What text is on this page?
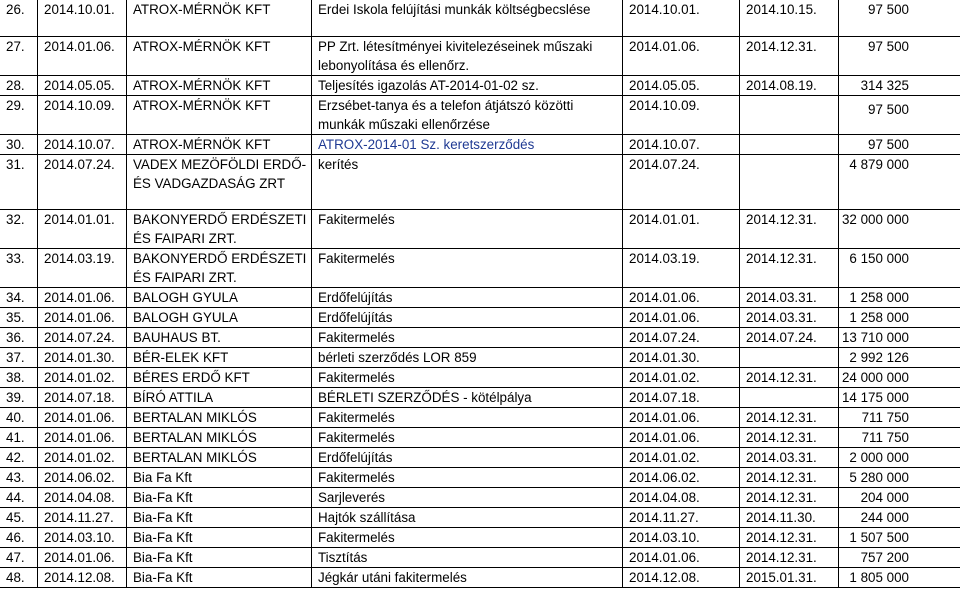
26.	2014.10.01.	ATROX-MÉRNÖK KFT	Erdei Iskola felújítási munkák költségbecslése	2014.10.01.	2014.10.15.	97 500
27.	2014.01.06.	ATROX-MÉRNÖK KFT	PP Zrt. létesítményei kivitelezéseinek műszaki lebonyolítása és ellenőrz.	2014.01.06.	2014.12.31.	97 500
28.	2014.05.05.	ATROX-MÉRNÖK KFT	Teljesítés igazolás AT-2014-01-02 sz.	2014.05.05.	2014.08.19.	314 325
29.	2014.10.09.	ATROX-MÉRNÖK KFT	Erzsébet-tanya és a telefon átjátszó közötti munkák műszaki ellenőrzése	2014.10.09.		97 500
30.	2014.10.07.	ATROX-MÉRNÖK KFT	ATROX-2014-01 Sz. keretszerződés	2014.10.07.		97 500
31.	2014.07.24.	VADEX MEZÖFÖLDI ERDŐ- ÉS VADGAZDASÁG ZRT	kerítés	2014.07.24.		4 879 000
32.	2014.01.01.	BAKONYERDŐ ERDÉSZETI ÉS FAIPARI ZRT.	Fakitermelés	2014.01.01.	2014.12.31.	32 000 000
33.	2014.03.19.	BAKONYERDŐ ERDÉSZETI ÉS FAIPARI ZRT.	Fakitermelés	2014.03.19.	2014.12.31.	6 150 000
34.	2014.01.06.	BALOGH GYULA	Erdőfelújítás	2014.01.06.	2014.03.31.	1 258 000
35.	2014.01.06.	BALOGH GYULA	Erdőfelújítás	2014.01.06.	2014.03.31.	1 258 000
36.	2014.07.24.	BAUHAUS BT.	Fakitermelés	2014.07.24.	2014.07.24.	13 710 000
37.	2014.01.30.	BÉR-ELEK KFT	bérleti szerződés LOR 859	2014.01.30.		2 992 126
38.	2014.01.02.	BÉRES ERDŐ KFT	Fakitermelés	2014.01.02.	2014.12.31.	24 000 000
39.	2014.07.18.	BÍRÓ ATTILA	BÉRLETI SZERZŐDÉS - kötélpálya	2014.07.18.		14 175 000
40.	2014.01.06.	BERTALAN MIKLÓS	Fakitermelés	2014.01.06.	2014.12.31.	711 750
41.	2014.01.06.	BERTALAN MIKLÓS	Fakitermelés	2014.01.06.	2014.12.31.	711 750
42.	2014.01.02.	BERTALAN MIKLÓS	Erdőfelújítás	2014.01.02.	2014.03.31.	2 000 000
43.	2014.06.02.	Bia Fa Kft	Fakitermelés	2014.06.02.	2014.12.31.	5 280 000
44.	2014.04.08.	Bia-Fa Kft	Sarjleverés	2014.04.08.	2014.12.31.	204 000
45.	2014.11.27.	Bia-Fa Kft	Hajtók szállítása	2014.11.27.	2014.11.30.	244 000
46.	2014.03.10.	Bia-Fa Kft	Fakitermelés	2014.03.10.	2014.12.31.	1 507 500
47.	2014.01.06.	Bia-Fa Kft	Tisztítás	2014.01.06.	2014.12.31.	757 200
48.	2014.12.08.	Bia-Fa Kft	Jégkár utáni fakitermelés	2014.12.08.	2015.01.31.	1 805 000
